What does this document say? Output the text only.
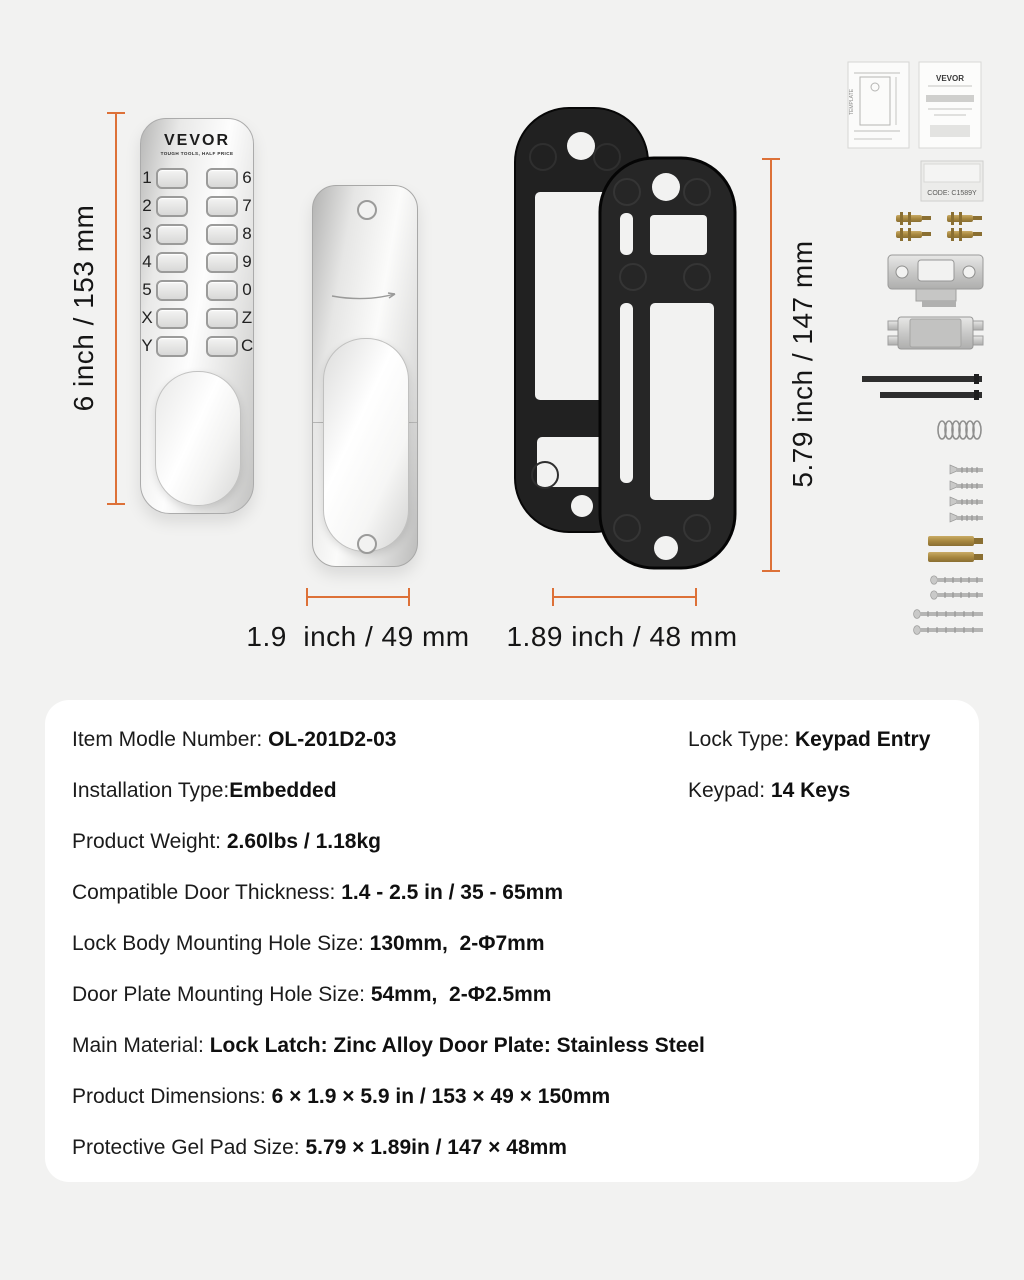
VEVOR
TOUGH TOOLS, HALF PRICE
1	6
2	7
3	8
4	9
5	0
X	Z
Y	C
TEMPLATE
VEVOR
CODE: C1589Y
6 inch / 153 mm
1.9  inch / 49 mm 1.89 inch / 48 mm
5.79 inch / 147 mm
Item Modle Number: OL-201D2-03
Installation Type: Embedded
Product Weight: 2.60lbs / 1.18kg
Compatible Door Thickness: 1.4 - 2.5 in / 35 - 65mm
Lock Body Mounting Hole Size: 130mm,  2-Φ7mm
Door Plate Mounting Hole Size: 54mm,  2-Φ2.5mm
Main Material: Lock Latch: Zinc Alloy Door Plate: Stainless Steel
Product Dimensions: 6 × 1.9 × 5.9 in / 153 × 49 × 150mm
Protective Gel Pad Size: 5.79 × 1.89in / 147 × 48mm
Lock Type: Keypad Entry
Keypad: 14 Keys
